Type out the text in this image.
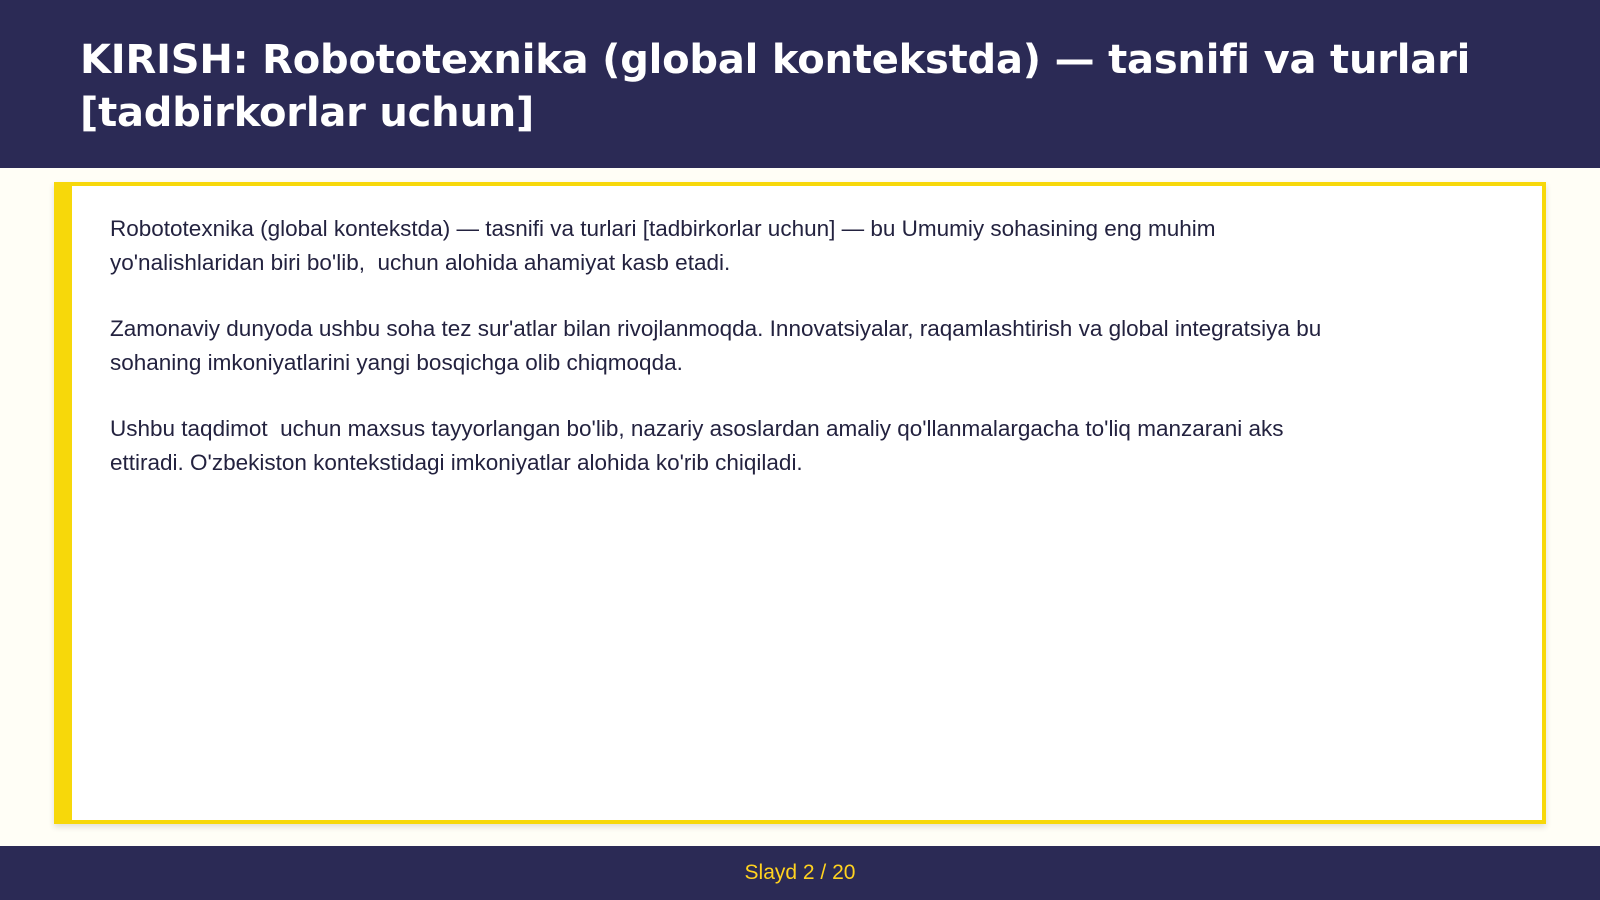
KIRISH: Robototexnika (global kontekstda) — tasnifi va turlari
[tadbirkorlar uchun]

Robototexnika (global kontekstda) — tasnifi va turlari [tadbirkorlar uchun] — bu Umumiy sohasining eng muhim
yo'nalishlaridan biri bo'lib,  uchun alohida ahamiyat kasb etadi.

Zamonaviy dunyoda ushbu soha tez sur'atlar bilan rivojlanmoqda. Innovatsiyalar, raqamlashtirish va global integratsiya bu
sohaning imkoniyatlarini yangi bosqichga olib chiqmoqda.

Ushbu taqdimot  uchun maxsus tayyorlangan bo'lib, nazariy asoslardan amaliy qo'llanmalargacha to'liq manzarani aks
ettiradi. O'zbekiston kontekstidagi imkoniyatlar alohida ko'rib chiqiladi.

Slayd 2 / 20
